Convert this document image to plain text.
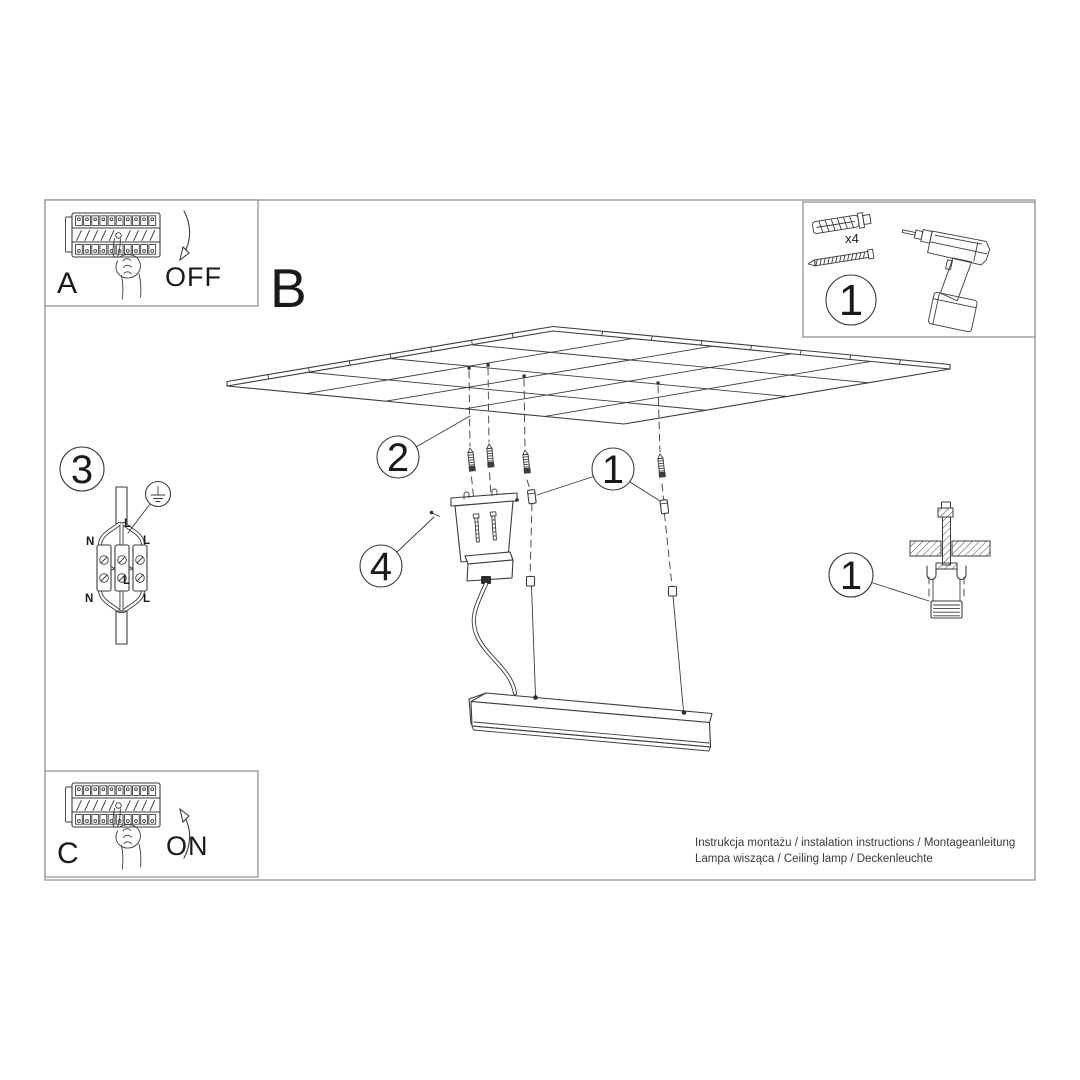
A	OFF B
C	ON
x4
1
3
L
N	L
L
N	L
2	1
4	1
Instrukcja montażu / instalation instructions / Montageanleitung
Lampa wisząca / Ceiling lamp / Deckenleuchte
